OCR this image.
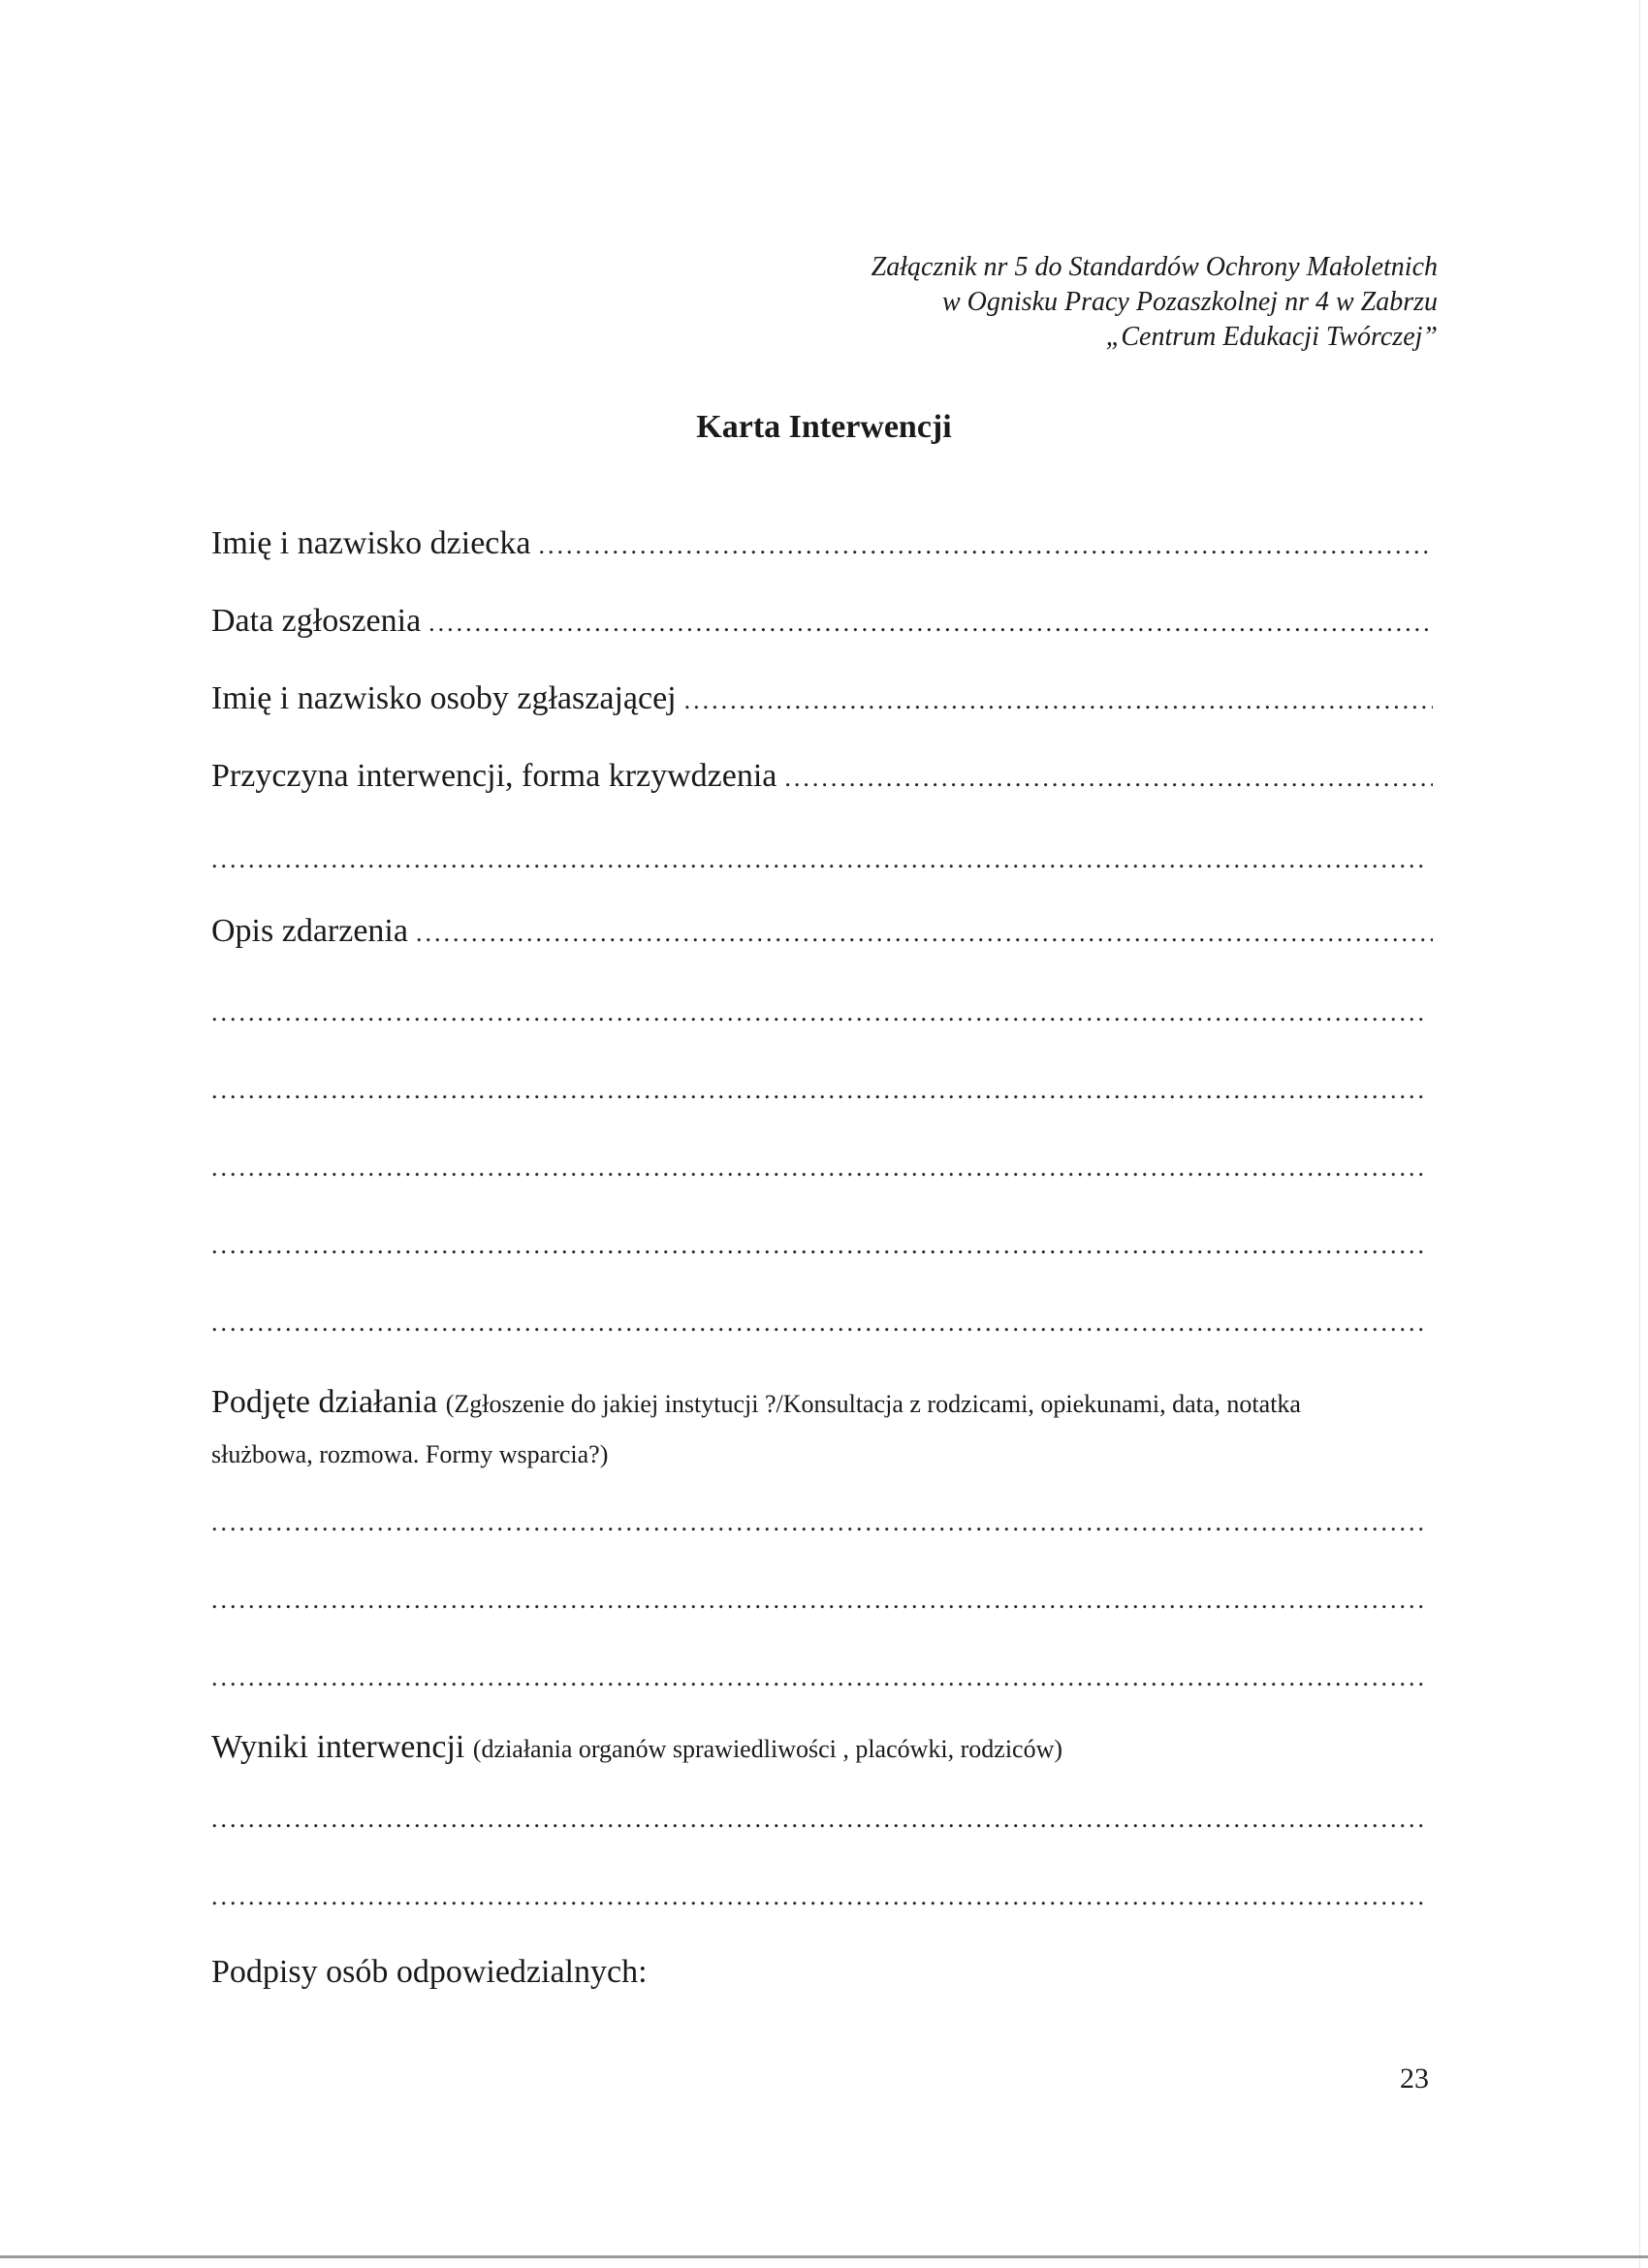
Załącznik nr 5 do Standardów Ochrony Małoletnich
w Ognisku Pracy Pozaszkolnej nr 4 w Zabrzu
„Centrum Edukacji Twórczej”
Karta Interwencji
Imię i nazwisko dziecka
.....
Data zgłoszenia
.....
Imię i nazwisko osoby zgłaszającej
.....
Przyczyna interwencji, forma krzywdzenia
.....
.....
Opis zdarzenia
.....
.....
.....
.....
.....
.....
Podjęte działania (Zgłoszenie do jakiej instytucji ?/Konsultacja z rodzicami, opiekunami, data, notatka
służbowa, rozmowa. Formy wsparcia?)
.....
.....
.....
Wyniki interwencji (działania organów sprawiedliwości , placówki, rodziców)
.....
.....
Podpisy osób odpowiedzialnych:
23
